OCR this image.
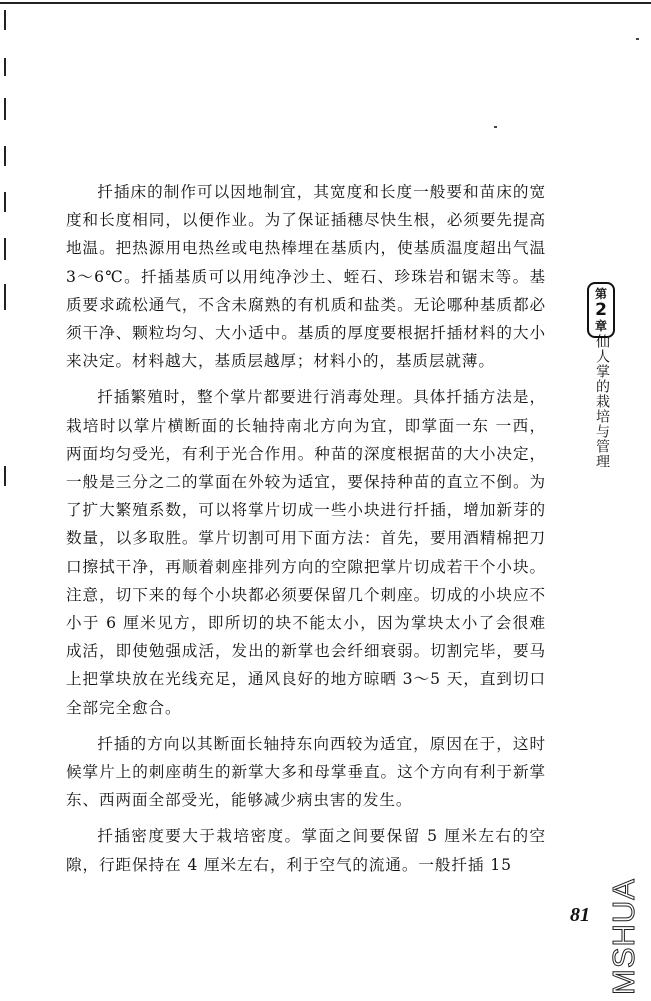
扦插床的制作可以因地制宜，其宽度和长度一般要和苗床的宽度和长度相同，以便作业。为了保证插穗尽快生根，必须要先提高地温。把热源用电热丝或电热棒埋在基质内，使基质温度超出气温 3～6℃。扦插基质可以用纯净沙土、蛭石、珍珠岩和锯末等。基质要求疏松通气，不含未腐熟的有机质和盐类。无论哪种基质都必须干净、颗粒均匀、大小适中。基质的厚度要根据扦插材料的大小来决定。材料越大，基质层越厚；材料小的，基质层就薄。

扦插繁殖时，整个掌片都要进行消毒处理。具体扦插方法是，栽培时以掌片横断面的长轴持南北方向为宜，即掌面一东 一西，两面均匀受光，有利于光合作用。种苗的深度根据苗的大小决定，一般是三分之二的掌面在外较为适宜，要保持种苗的直立不倒。为了扩大繁殖系数，可以将掌片切成一些小块进行扦插，增加新芽的数量，以多取胜。掌片切割可用下面方法：首先，要用酒精棉把刀口擦拭干净，再顺着刺座排列方向的空隙把掌片切成若干个小块。注意，切下来的每个小块都必须要保留几个刺座。切成的小块应不小于 6 厘米见方，即所切的块不能太小，因为掌块太小了会很难成活，即使勉强成活，发出的新掌也会纤细衰弱。切割完毕，要马上把掌块放在光线充足，通风良好的地方晾晒 3～5 天，直到切口全部完全愈合。

扦插的方向以其断面长轴持东向西较为适宜，原因在于，这时候掌片上的刺座萌生的新掌大多和母掌垂直。这个方向有利于新掌东、西两面全部受光，能够减少病虫害的发生。

扦插密度要大于栽培密度。掌面之间要保留 5 厘米左右的空隙，行距保持在 4 厘米左右，利于空气的流通。一般扦插 15

第
2
章
仙人掌的栽培与管理
81 MSHUA
